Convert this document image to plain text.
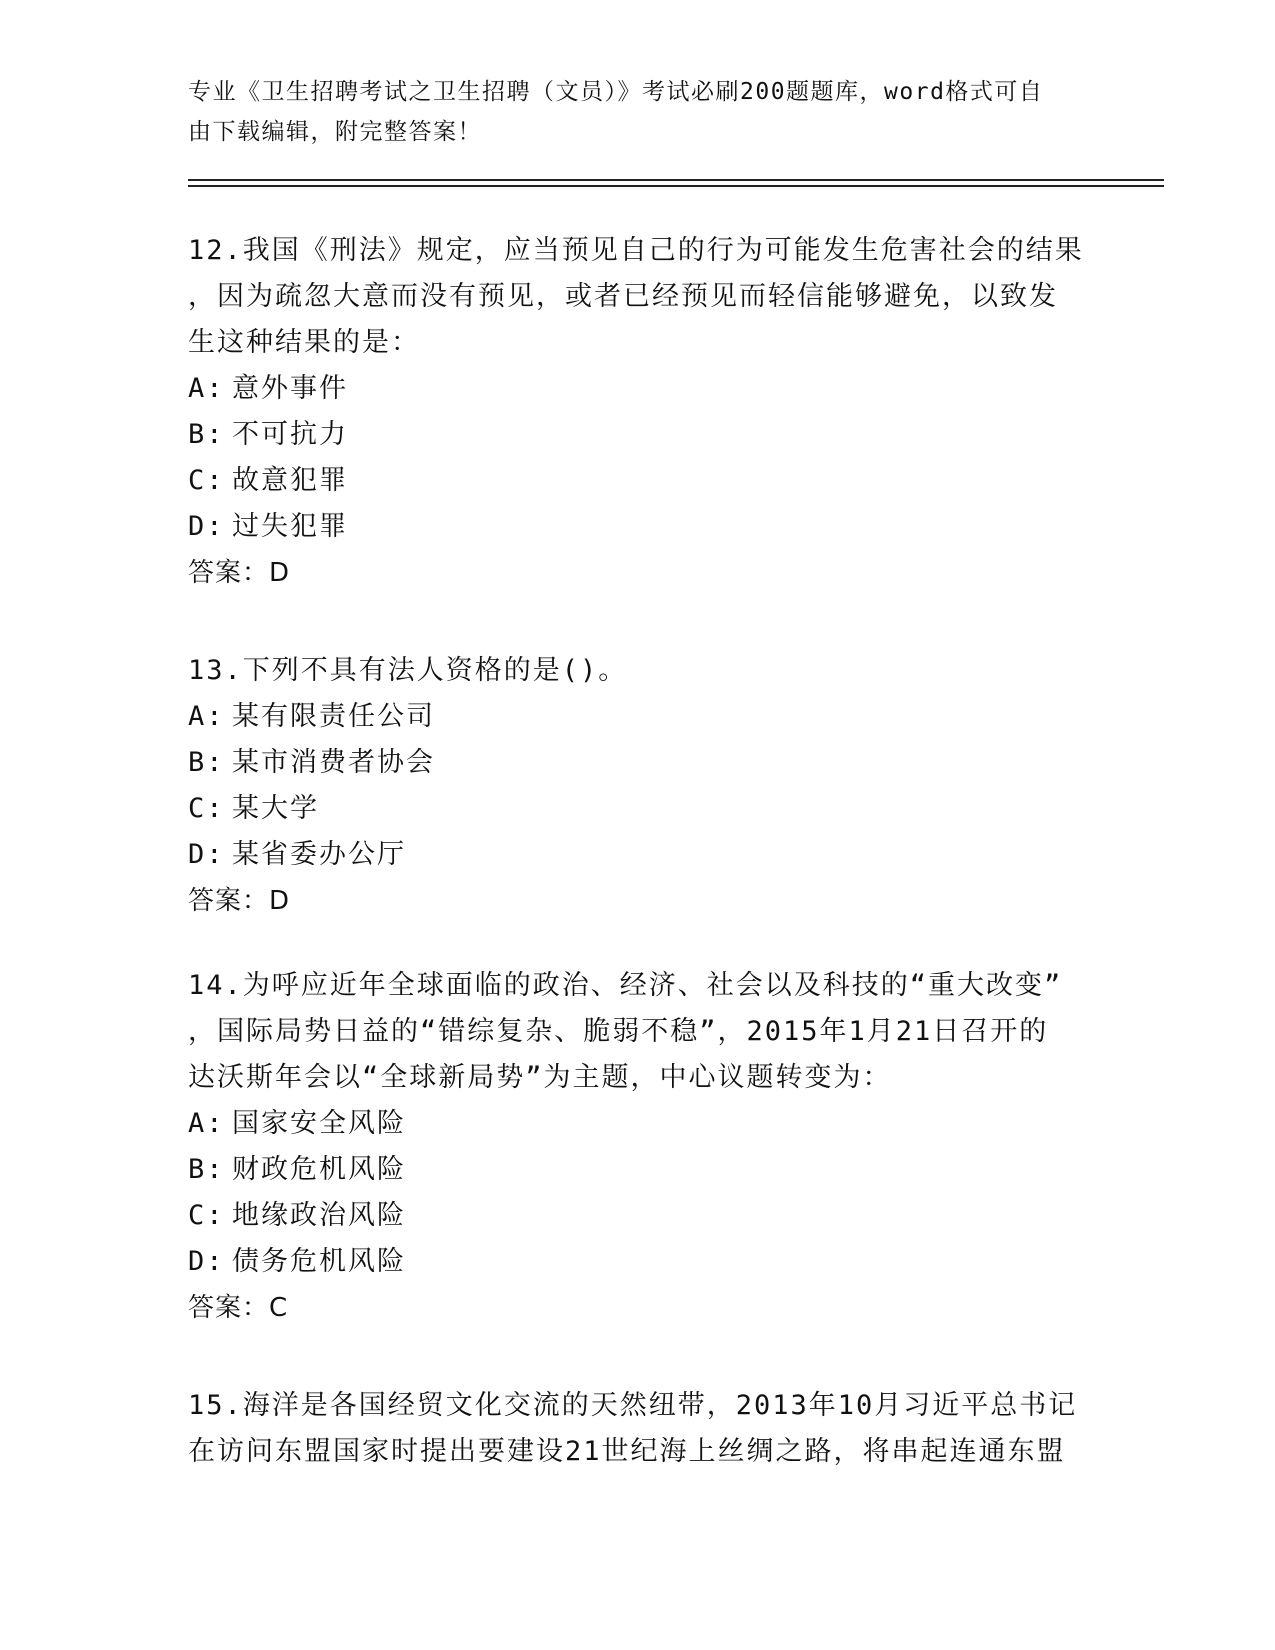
专业《卫生招聘考试之卫生招聘（文员）》考试必刷200题题库，word格式可自
由下载编辑，附完整答案！

12.我国《刑法》规定，应当预见自己的行为可能发生危害社会的结果

，因为疏忽大意而没有预见，或者已经预见而轻信能够避免，以致发

生这种结果的是：

A: 意外事件

B: 不可抗力

C: 故意犯罪

D: 过失犯罪

答案：D

13.下列不具有法人资格的是()。

A: 某有限责任公司

B: 某市消费者协会

C: 某大学

D: 某省委办公厅

答案：D

14.为呼应近年全球面临的政治、经济、社会以及科技的“重大改变”

，国际局势日益的“错综复杂、脆弱不稳”，2015年1月21日召开的

达沃斯年会以“全球新局势”为主题，中心议题转变为：

A: 国家安全风险

B: 财政危机风险

C: 地缘政治风险

D: 债务危机风险

答案：C

15.海洋是各国经贸文化交流的天然纽带，2013年10月习近平总书记

在访问东盟国家时提出要建设21世纪海上丝绸之路，将串起连通东盟
